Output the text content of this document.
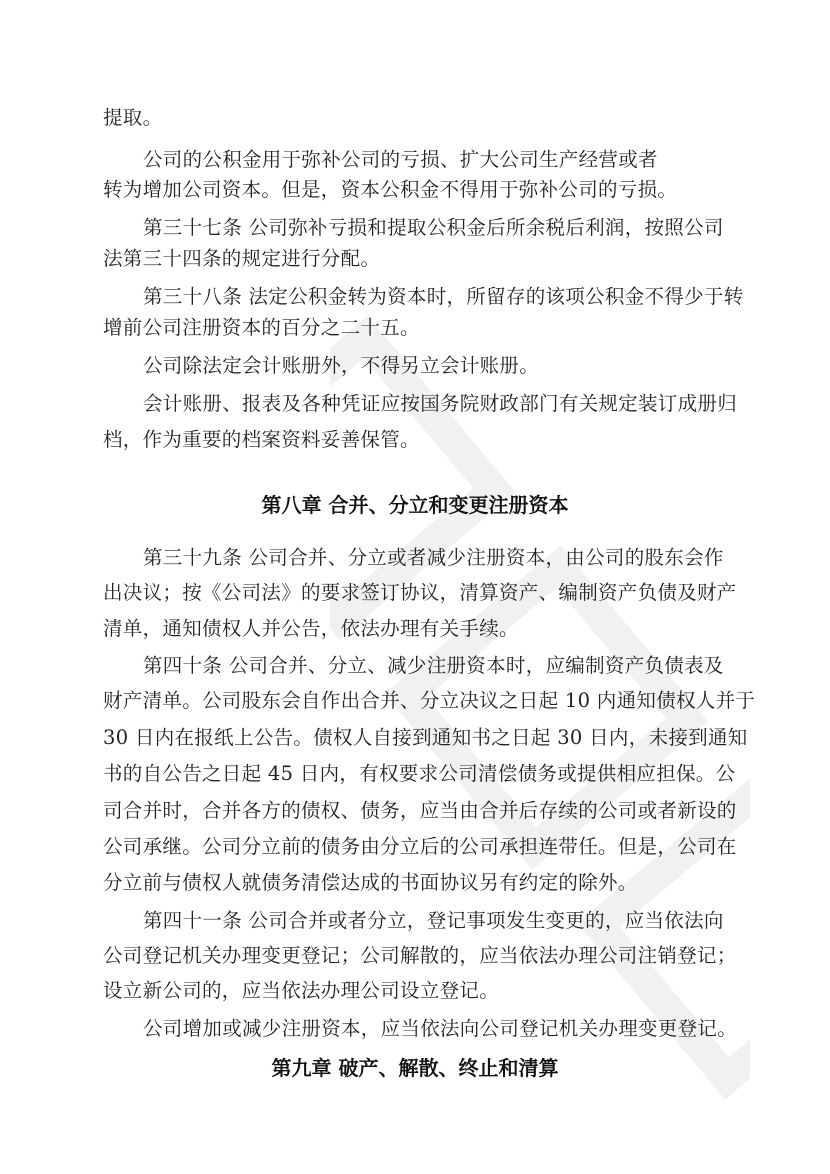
提取。
公司的公积金用于弥补公司的亏损、扩大公司生产经营或者
转为增加公司资本。但是，资本公积金不得用于弥补公司的亏损。
第三十七条 公司弥补亏损和提取公积金后所余税后利润，按照公司
法第三十四条的规定进行分配。
第三十八条 法定公积金转为资本时，所留存的该项公积金不得少于转
增前公司注册资本的百分之二十五。
公司除法定会计账册外，不得另立会计账册。
会计账册、报表及各种凭证应按国务院财政部门有关规定装订成册归
档，作为重要的档案资料妥善保管。
第八章 合并、分立和变更注册资本
第三十九条 公司合并、分立或者减少注册资本，由公司的股东会作
出决议；按《公司法》的要求签订协议，清算资产、编制资产负债及财产
清单，通知债权人并公告，依法办理有关手续。
第四十条 公司合并、分立、减少注册资本时，应编制资产负债表及
财产清单。公司股东会自作出合并、分立决议之日起 10 内通知债权人并于
30 日内在报纸上公告。债权人自接到通知书之日起 30 日内，未接到通知
书的自公告之日起 45 日内，有权要求公司清偿债务或提供相应担保。公
司合并时，合并各方的债权、债务，应当由合并后存续的公司或者新设的
公司承继。公司分立前的债务由分立后的公司承担连带任。但是，公司在
分立前与债权人就债务清偿达成的书面协议另有约定的除外。
第四十一条 公司合并或者分立，登记事项发生变更的，应当依法向
公司登记机关办理变更登记；公司解散的，应当依法办理公司注销登记；
设立新公司的，应当依法办理公司设立登记。
公司增加或减少注册资本，应当依法向公司登记机关办理变更登记。
第九章 破产、解散、终止和清算
